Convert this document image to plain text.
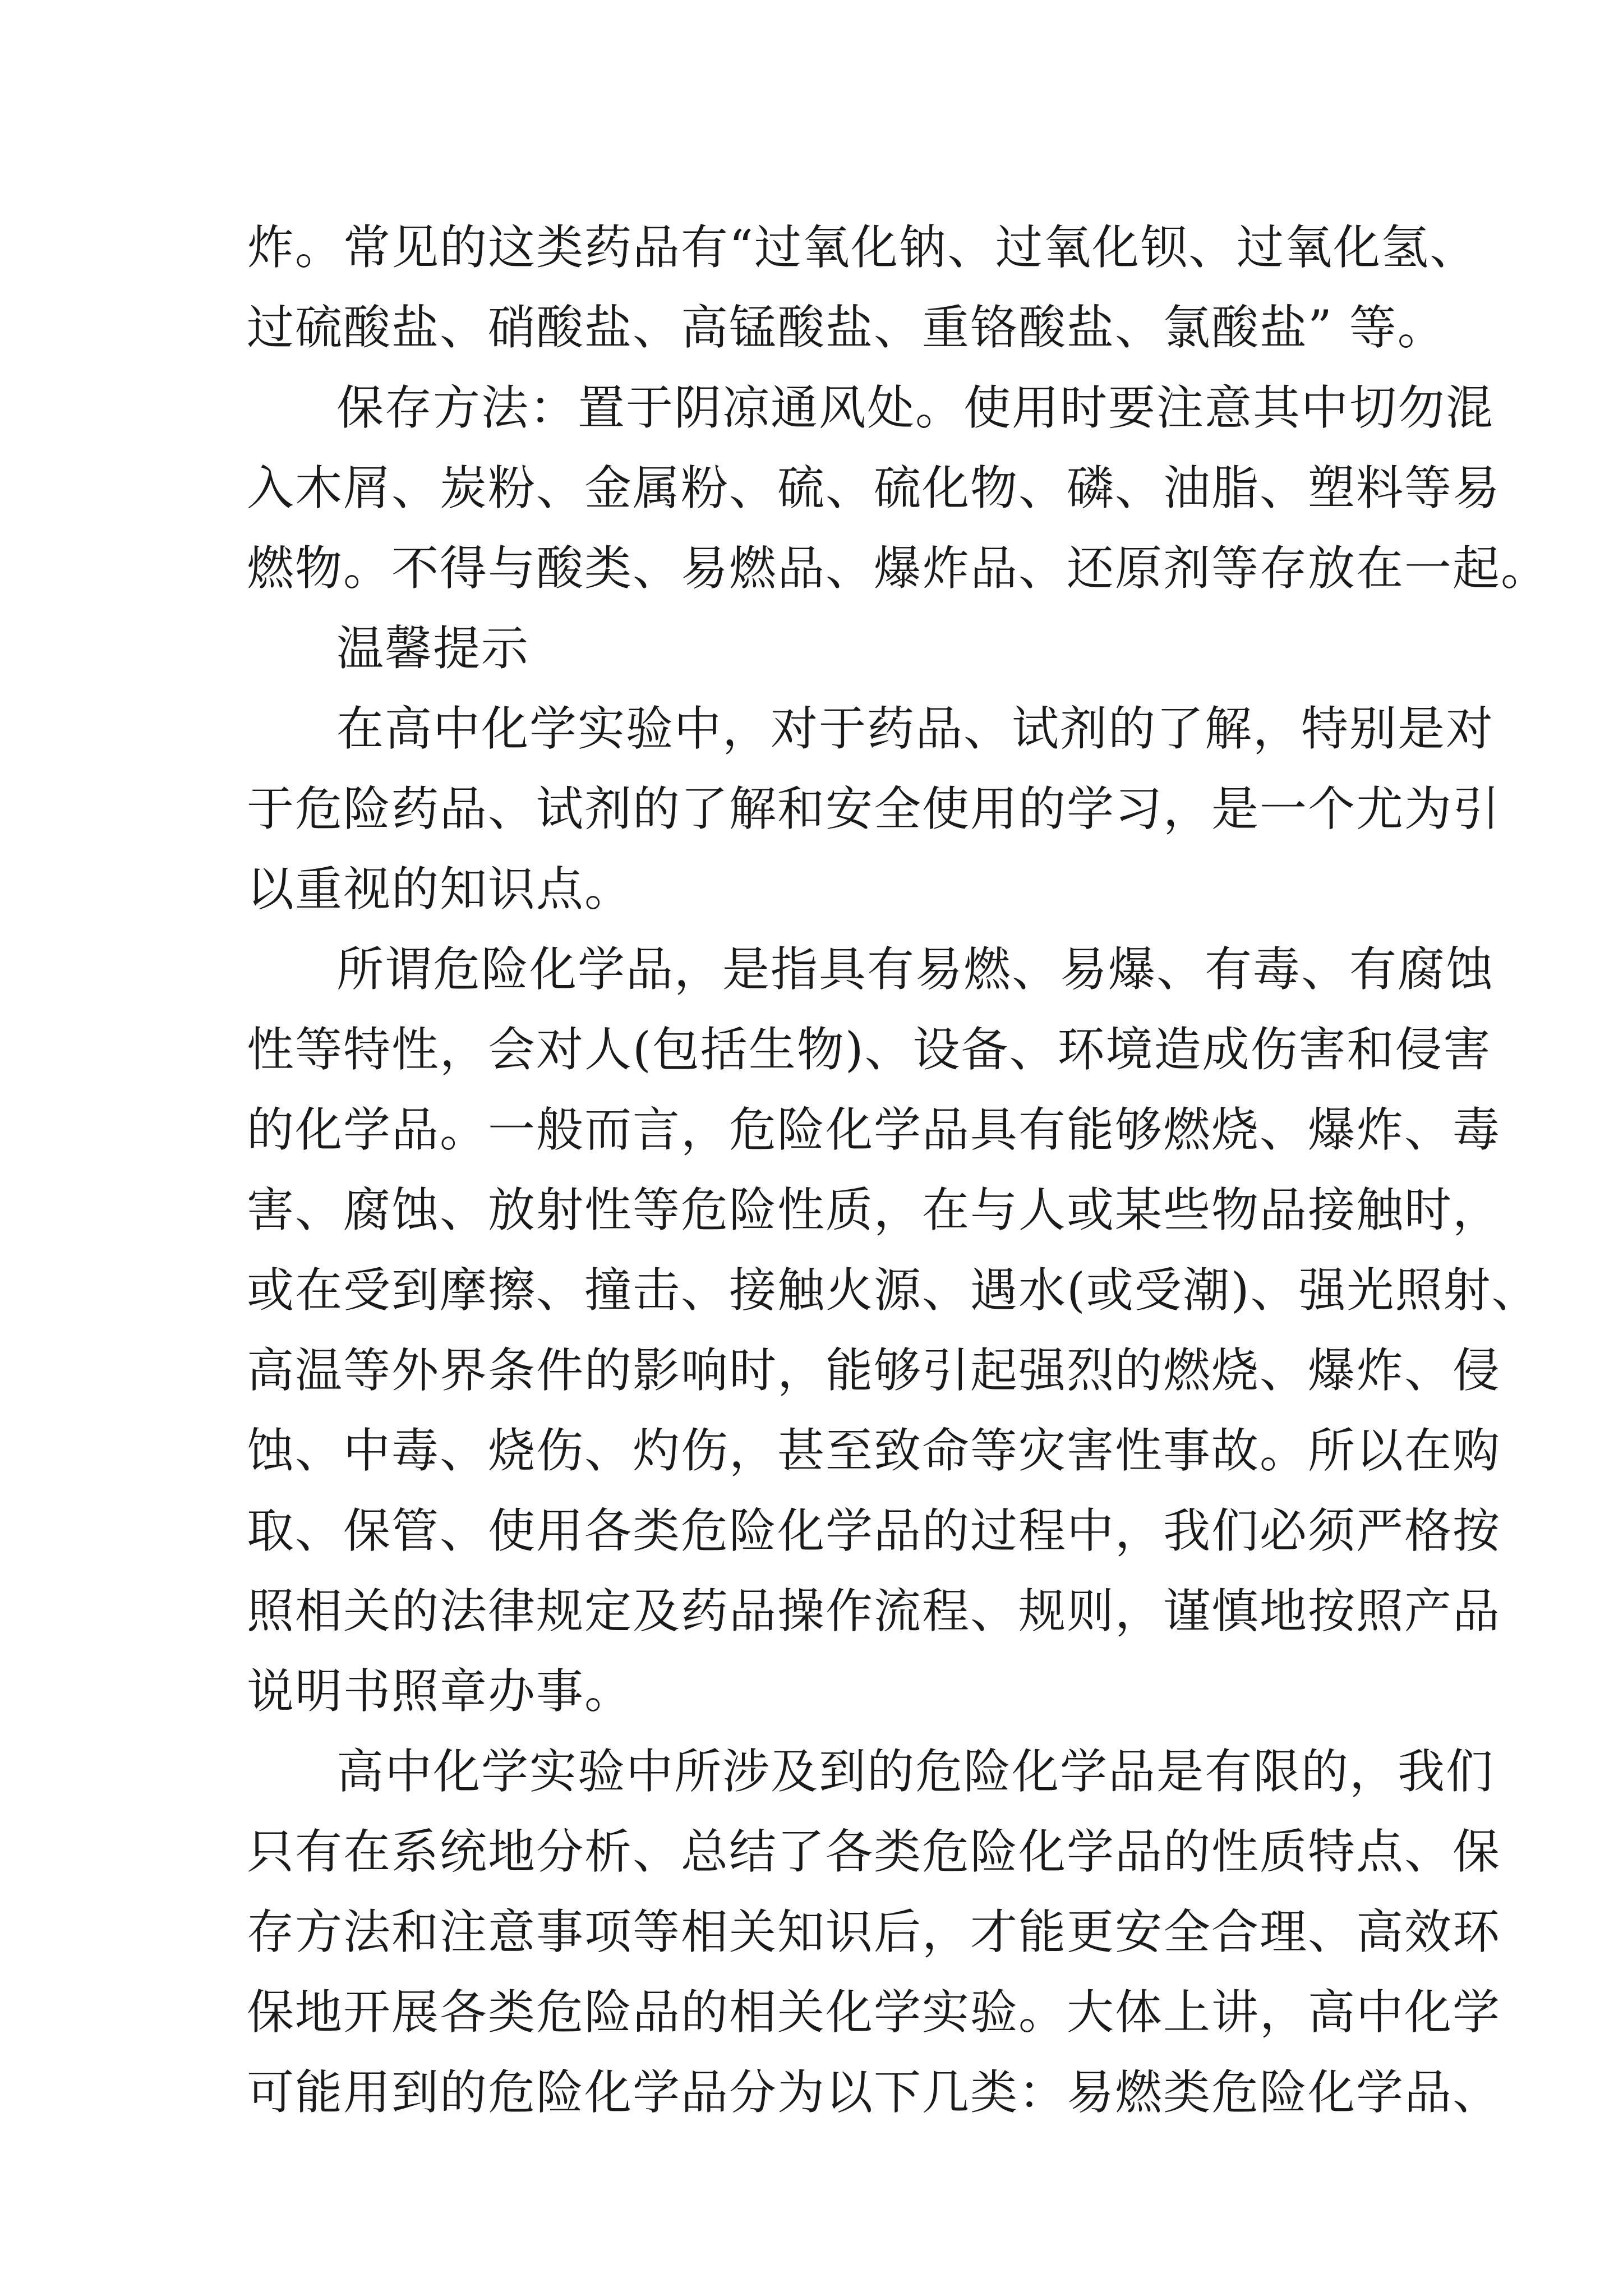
炸。常见的这类药品有“过氧化钠、过氧化钡、过氧化氢、
过硫酸盐、硝酸盐、高锰酸盐、重铬酸盐、氯酸盐” 等。
保存方法：置于阴凉通风处。使用时要注意其中切勿混
入木屑、炭粉、金属粉、硫、硫化物、磷、油脂、塑料等易
燃物。不得与酸类、易燃品、爆炸品、还原剂等存放在一起。
温馨提示
在高中化学实验中，对于药品、试剂的了解，特别是对
于危险药品、试剂的了解和安全使用的学习，是一个尤为引
以重视的知识点。
所谓危险化学品，是指具有易燃、易爆、有毒、有腐蚀
性等特性，会对人(包括生物)、设备、环境造成伤害和侵害
的化学品。一般而言，危险化学品具有能够燃烧、爆炸、毒
害、腐蚀、放射性等危险性质，在与人或某些物品接触时，
或在受到摩擦、撞击、接触火源、遇水(或受潮)、强光照射、
高温等外界条件的影响时，能够引起强烈的燃烧、爆炸、侵
蚀、中毒、烧伤、灼伤，甚至致命等灾害性事故。所以在购
取、保管、使用各类危险化学品的过程中，我们必须严格按
照相关的法律规定及药品操作流程、规则，谨慎地按照产品
说明书照章办事。
高中化学实验中所涉及到的危险化学品是有限的，我们
只有在系统地分析、总结了各类危险化学品的性质特点、保
存方法和注意事项等相关知识后，才能更安全合理、高效环
保地开展各类危险品的相关化学实验。大体上讲，高中化学
可能用到的危险化学品分为以下几类：易燃类危险化学品、
